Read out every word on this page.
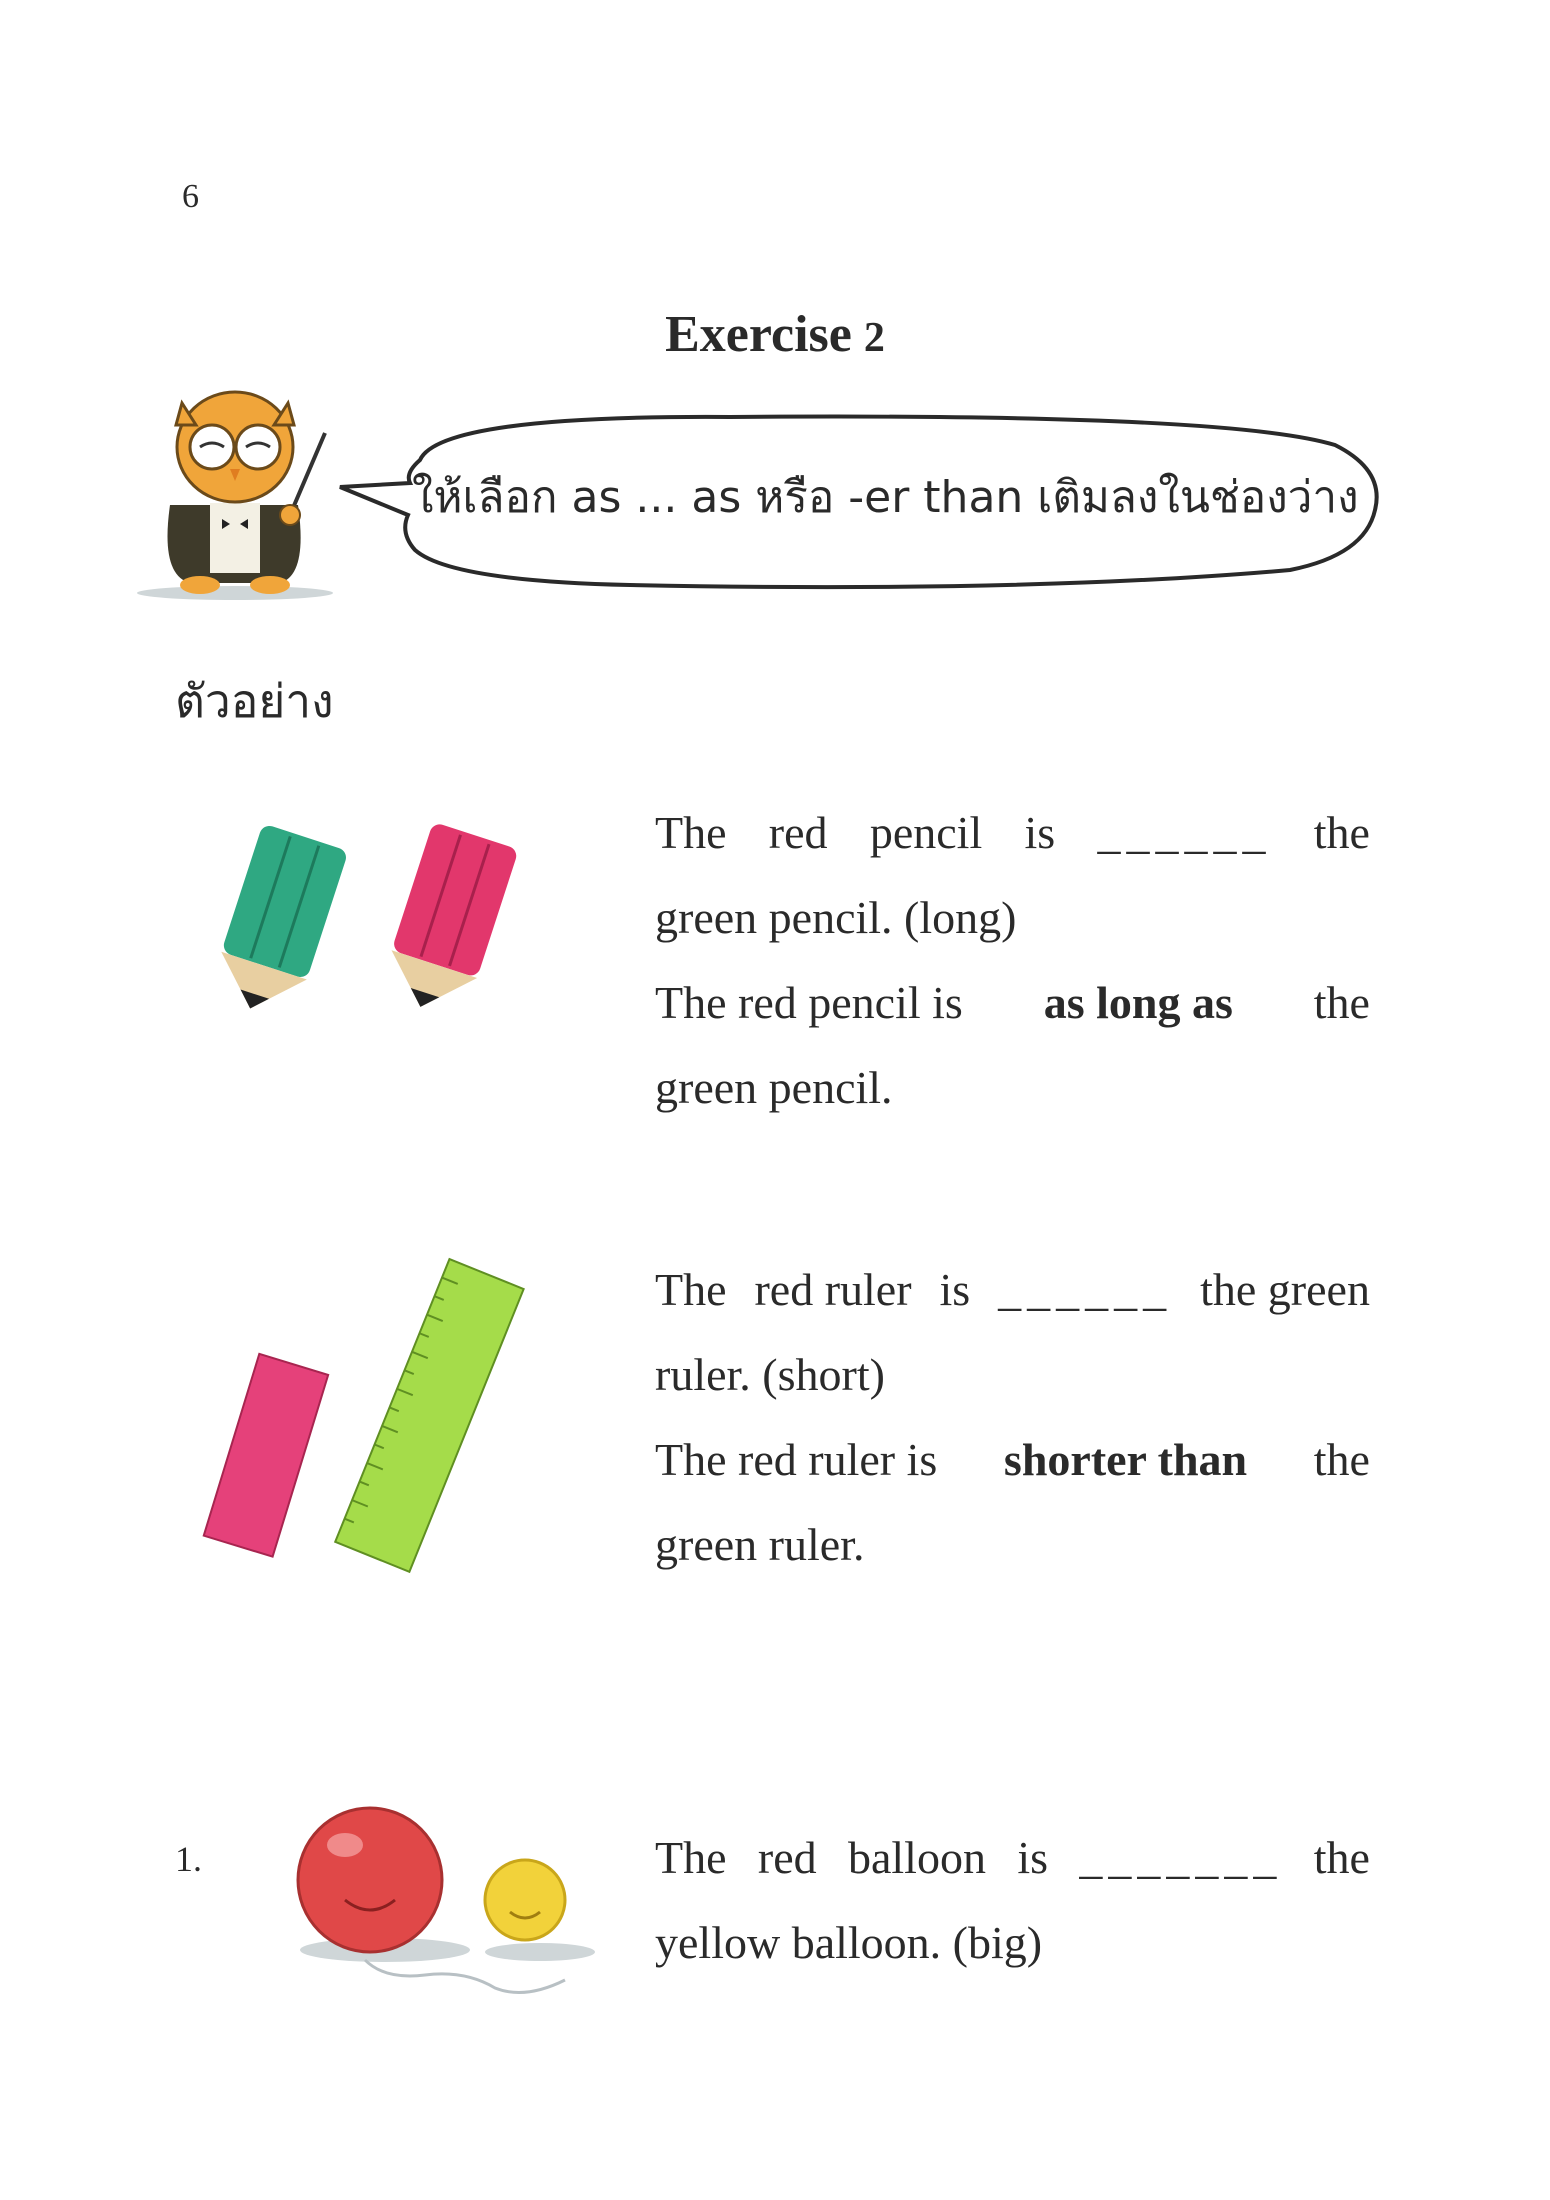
6
Exercise 2
ให้เลือก as ... as หรือ -er than เติมลงในช่องว่าง
ตัวอย่าง
The red pencil is ______ the
green pencil. (long)
The red pencil is as long as the
green pencil.
The red ruler is ______ the green
ruler. (short)
The red ruler is shorter than the
green ruler.
1.	The red balloon is _______ the
yellow balloon. (big)
